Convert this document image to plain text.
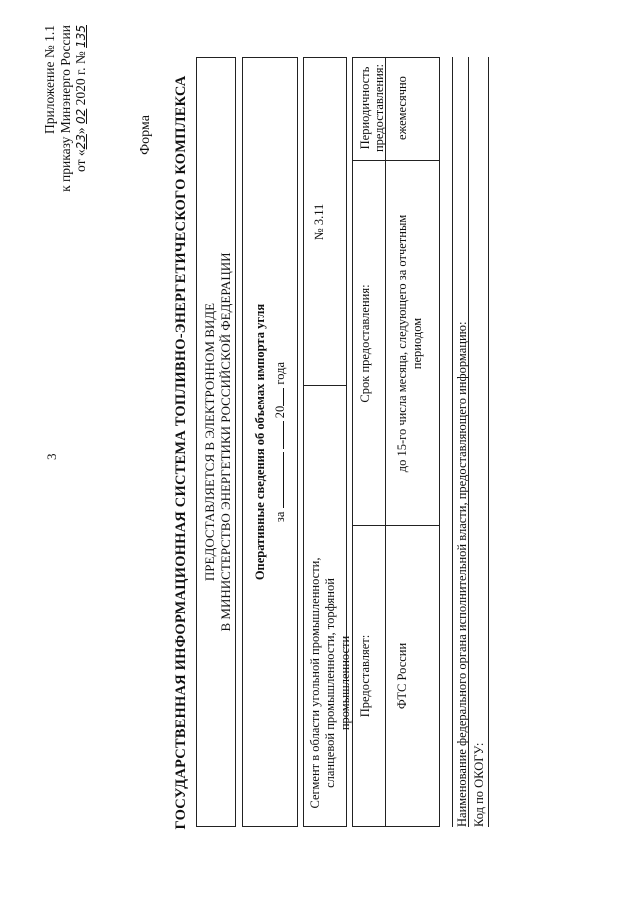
3
Приложение № 1.1 к приказу Минэнерго России от «23» 02 2020 г. № 135
Форма ГОСУДАРСТВЕННАЯ ИНФОРМАЦИОННАЯ СИСТЕМА ТОПЛИВНО-ЭНЕРГЕТИЧЕСКОГО КОМПЛЕКСА ПРЕДОСТАВЛЯЕТСЯ В ЭЛЕКТРОННОМ ВИДЕ В МИНИСТЕРСТВО ЭНЕРГЕТИКИ РОССИЙСКОЙ ФЕДЕРАЦИИ Оперативные сведения об объемах импорта угля за   20 года
Сегмент в области угольной промышленности, сланцевой промышленности, торфяной промышленности
№ 3.11
Предоставляет:
Срок предоставления:
Периодичность предоставления:
ФТС России
до 15-го числа месяца, следующего за отчетным периодом
ежемесячно
Наименование федерального органа исполнительной власти, предоставляющего информацию: Код по ОКОГУ:
